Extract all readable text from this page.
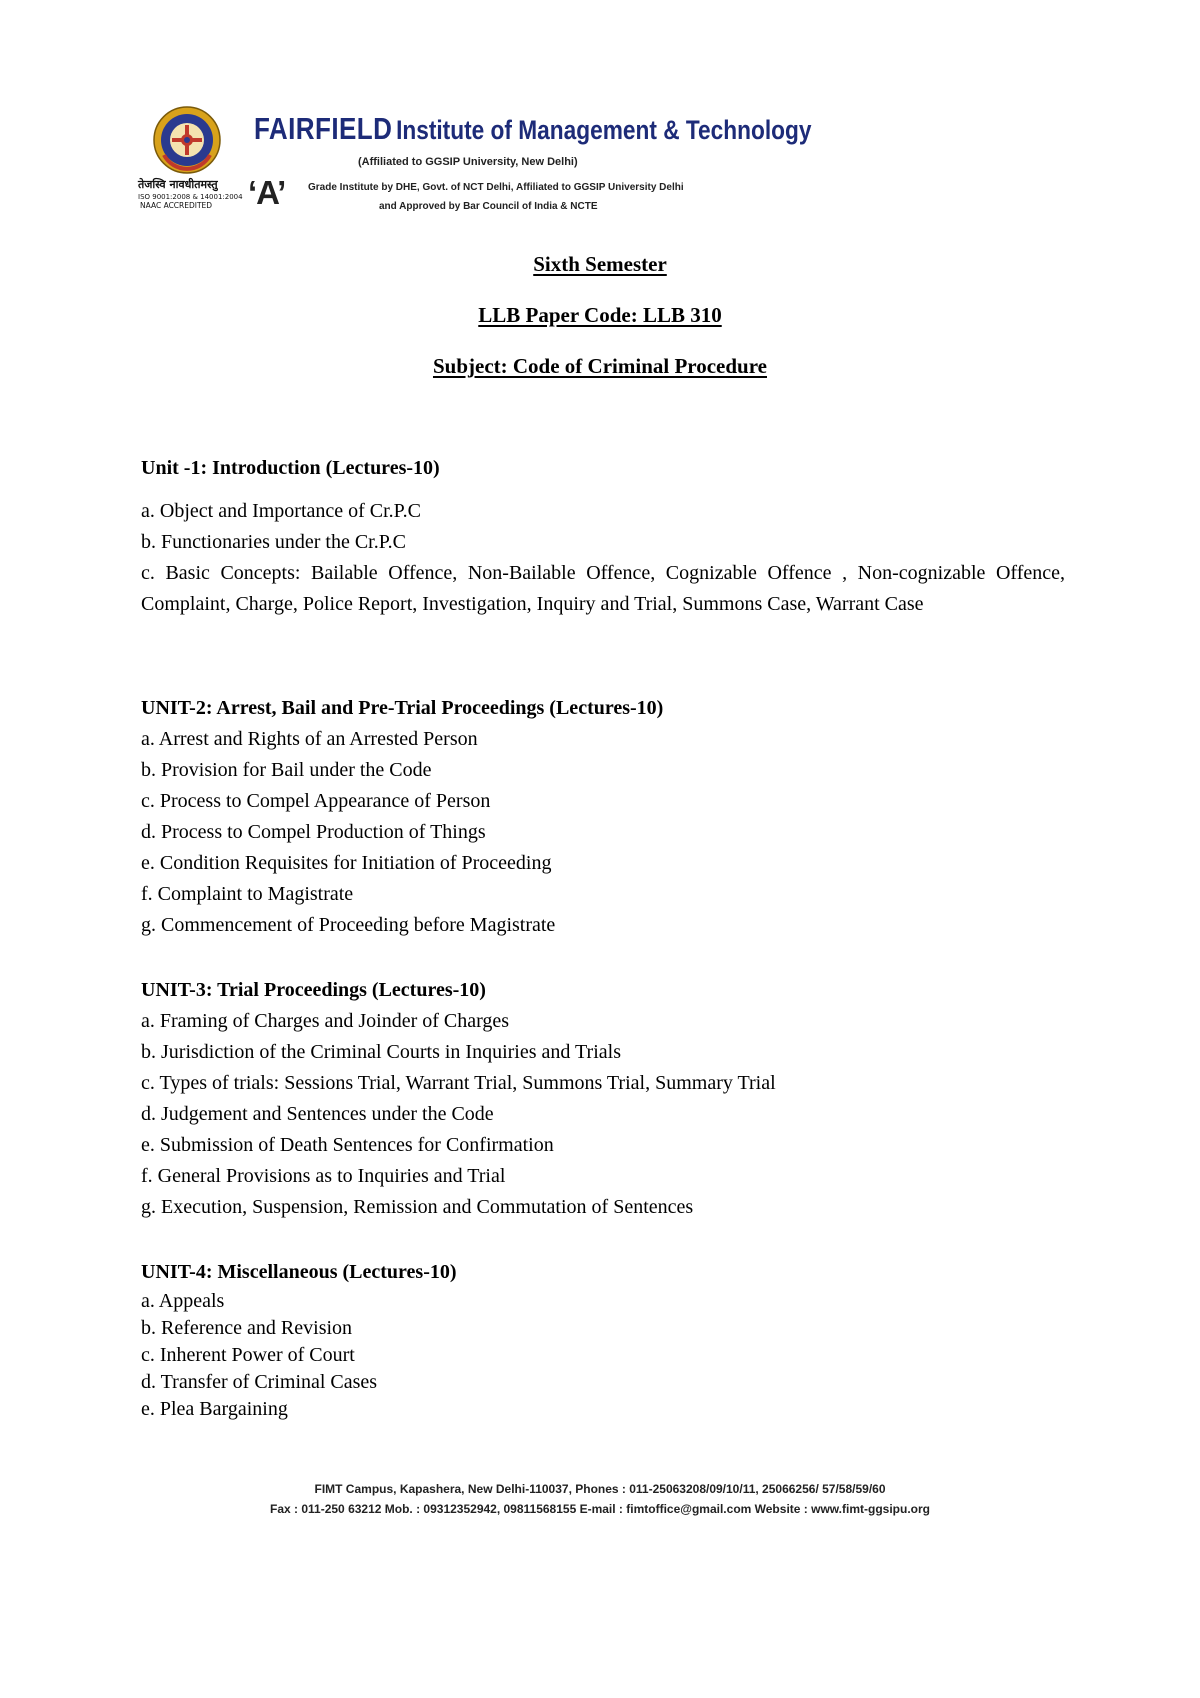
तेजस्वि नावधीतमस्तु
ISO 9001:2008 & 14001:2004
NAAC ACCREDITED
FAIRFIELD Institute of Management & Technology
(Affiliated to GGSIP University, New Delhi)
‘A’ Grade Institute by DHE, Govt. of NCT Delhi, Affiliated to GGSIP University Delhi
and Approved by Bar Council of India & NCTE
Sixth Semester
LLB Paper Code: LLB 310
Subject: Code of Criminal Procedure
Unit -1: Introduction (Lectures-10)
a. Object and Importance of Cr.P.C
b. Functionaries under the Cr.P.C
c. Basic Concepts: Bailable Offence, Non-Bailable Offence, Cognizable Offence , Non-cognizable Offence, Complaint, Charge, Police Report, Investigation, Inquiry and Trial, Summons Case, Warrant Case
UNIT-2: Arrest, Bail and Pre-Trial Proceedings (Lectures-10)
a. Arrest and Rights of an Arrested Person
b. Provision for Bail under the Code
c. Process to Compel Appearance of Person
d. Process to Compel Production of Things
e. Condition Requisites for Initiation of Proceeding
f. Complaint to Magistrate
g. Commencement of Proceeding before Magistrate
UNIT-3: Trial Proceedings (Lectures-10)
a. Framing of Charges and Joinder of Charges
b. Jurisdiction of the Criminal Courts in Inquiries and Trials
c. Types of trials: Sessions Trial, Warrant Trial, Summons Trial, Summary Trial
d. Judgement and Sentences under the Code
e. Submission of Death Sentences for Confirmation
f. General Provisions as to Inquiries and Trial
g. Execution, Suspension, Remission and Commutation of Sentences
UNIT-4: Miscellaneous (Lectures-10)
a. Appeals
b. Reference and Revision
c. Inherent Power of Court
d. Transfer of Criminal Cases
e. Plea Bargaining
FIMT Campus, Kapashera, New Delhi-110037, Phones : 011-25063208/09/10/11, 25066256/ 57/58/59/60
Fax : 011-250 63212 Mob. : 09312352942, 09811568155 E-mail : fimtoffice@gmail.com Website : www.fimt-ggsipu.org
